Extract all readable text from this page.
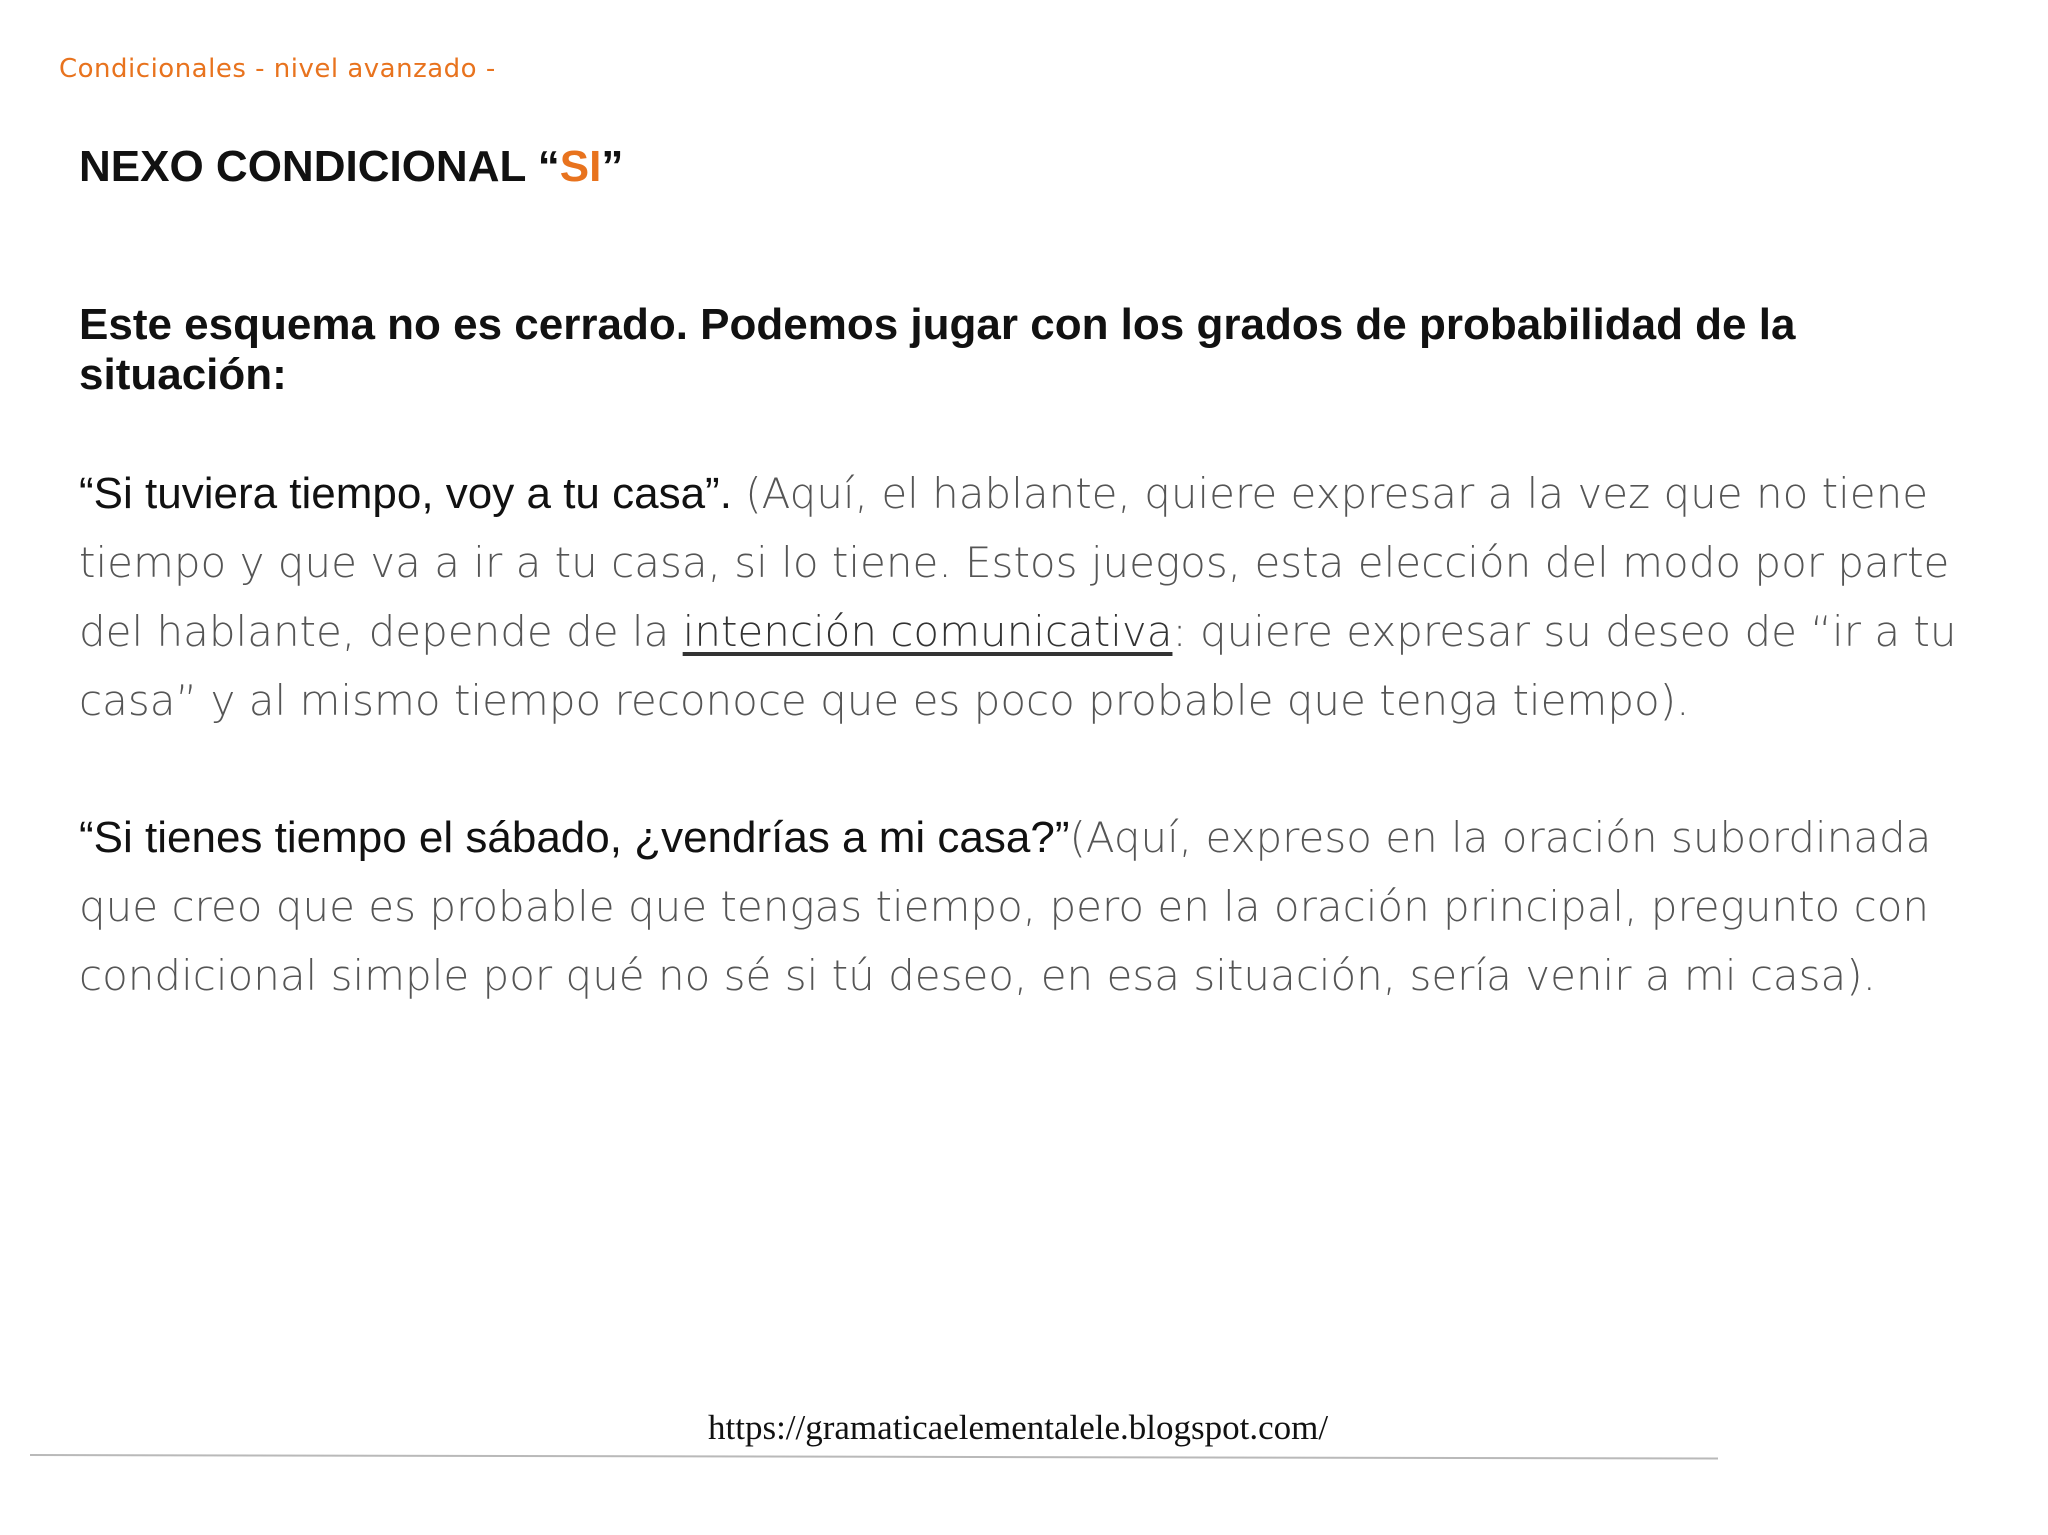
Condicionales - nivel avanzado -
NEXO CONDICIONAL “SI”
Este esquema no es cerrado. Podemos jugar con los grados de probabilidad de la situación:
“Si tuviera tiempo, voy a tu casa”. (Aquí, el hablante, quiere expresar a la vez que no tiene tiempo y que va a ir a tu casa, si lo tiene. Estos juegos, esta elección del modo por parte del hablante, depende de la intención comunicativa: quiere expresar su deseo de “ir a tu casa” y al mismo tiempo reconoce que es poco probable que tenga tiempo).
“Si tienes tiempo el sábado, ¿vendrías a mi casa?”(Aquí, expreso en la oración subordinada que creo que es probable que tengas tiempo, pero en la oración principal, pregunto con condicional simple por qué no sé si tú deseo, en esa situación, sería venir a mi casa).
https://gramaticaelementalele.blogspot.com/
